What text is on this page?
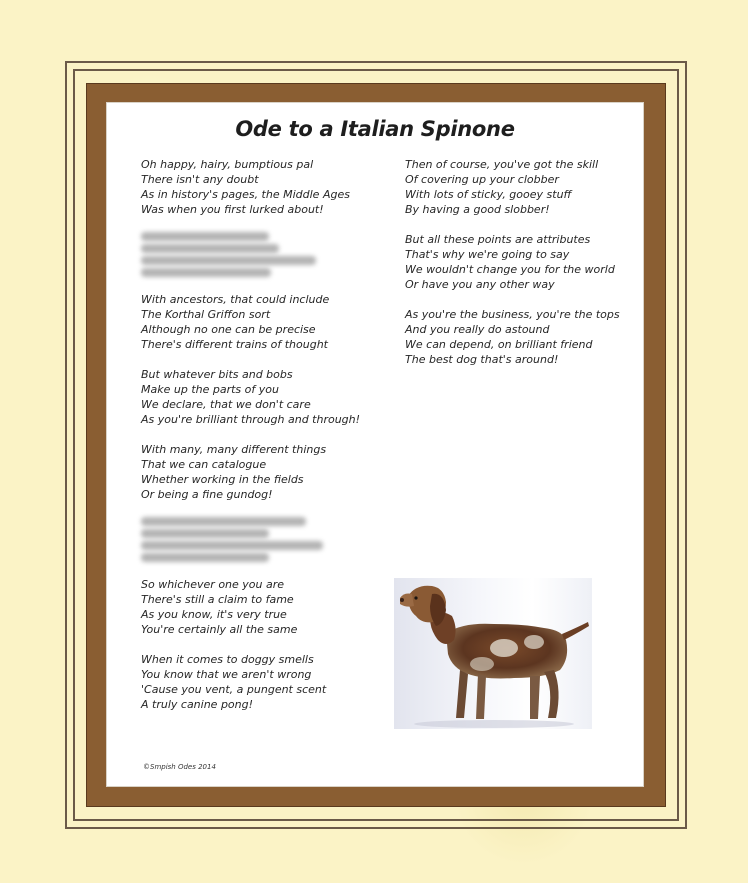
Ode to a Italian Spinone
Oh happy, hairy, bumptious pal
There isn't any doubt
As in history's pages, the Middle Ages
Was when you first lurked about!
With ancestors, that could include
The Korthal Griffon sort
Although no one can be precise
There's different trains of thought
But whatever bits and bobs
Make up the parts of you
We declare, that we don't care
As you're brilliant through and through!
With many, many different things
That we can catalogue
Whether working in the fields
Or being a fine gundog!
So whichever one you are
There's still a claim to fame
As you know, it's very true
You're certainly all the same
When it comes to doggy smells
You know that we aren't wrong
'Cause you vent, a pungent scent
A truly canine pong!
Then of course, you've got the skill
Of covering up your clobber
With lots of sticky, gooey stuff
By having a good slobber!
But all these points are attributes
That's why we're going to say
We wouldn't change you for the world
Or have you any other way
As you're the business, you're the tops
And you really do astound
We can depend, on brilliant friend
The best dog that's around!
©Smpish Odes 2014
